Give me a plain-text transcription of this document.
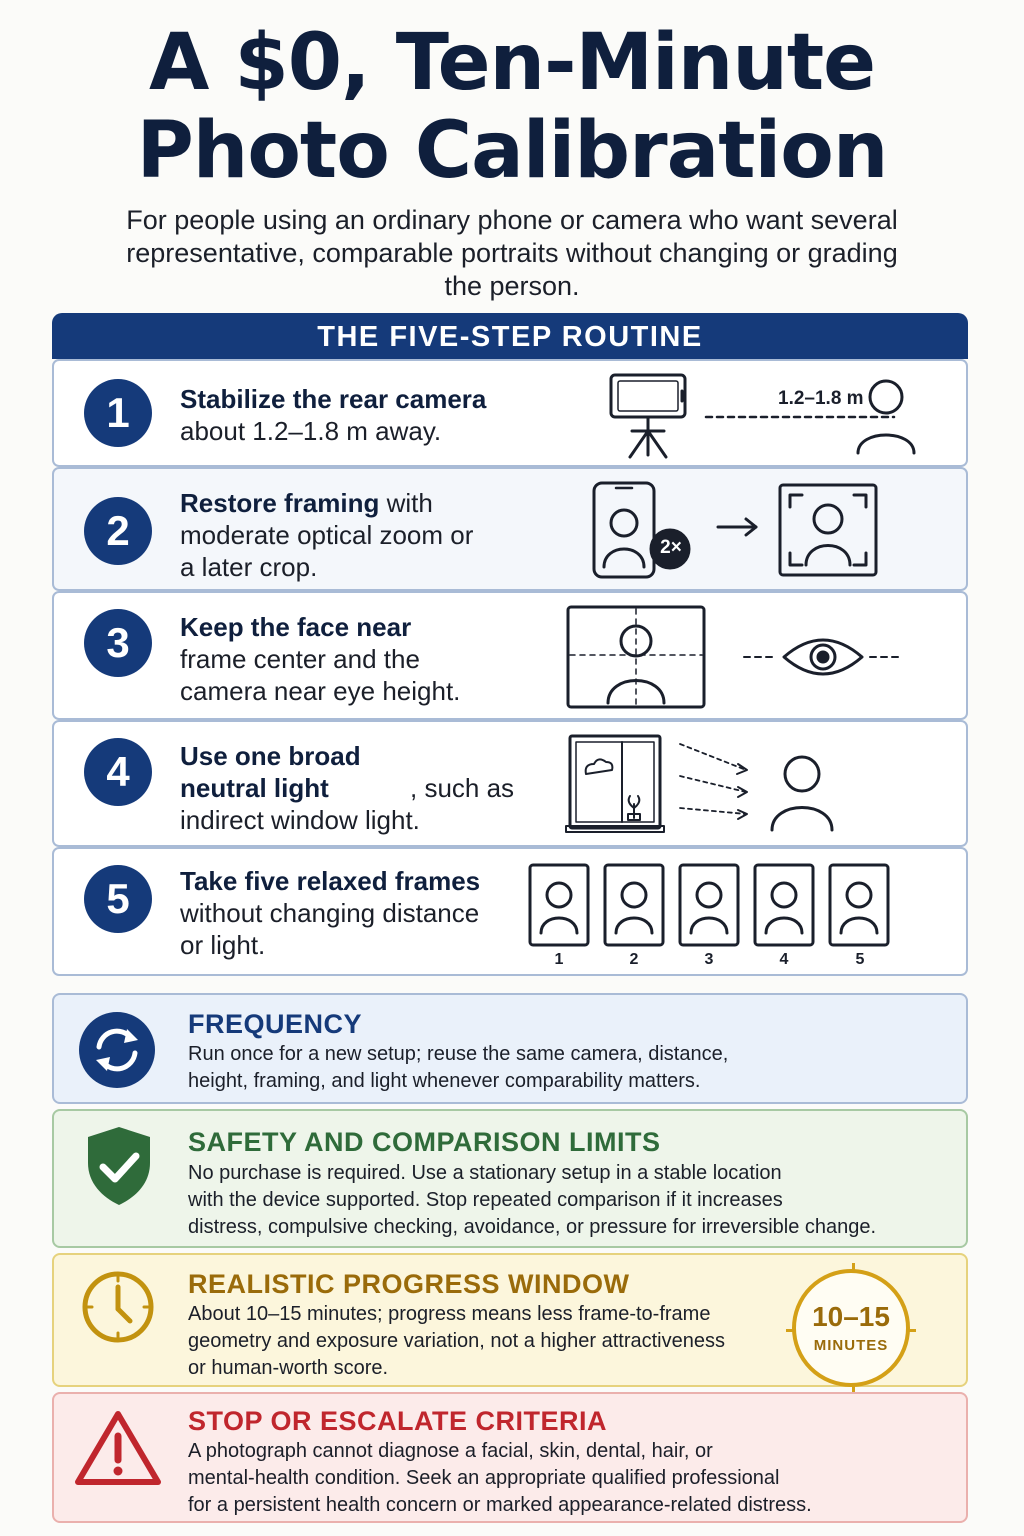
A $0, Ten-Minute
Photo Calibration
For people using an ordinary phone or camera who want several representative, comparable portraits without changing or grading the person.
THE FIVE-STEP ROUTINE
1	Stabilize the rear camera
about 1.2–1.8 m away.
1.2–1.8 m
2
Restore framing with
moderate optical zoom or a later crop.
2×
3	Keep the face near
frame center and the camera near eye height.
4	Use one broad neutral light	, such as
indirect window light.
5	Take five relaxed frames
without changing distance or light.	1	2	3	4	5
FREQUENCY
Run once for a new setup; reuse the same camera, distance,
height, framing, and light whenever comparability matters.
SAFETY AND COMPARISON LIMITS
No purchase is required. Use a stationary setup in a stable location
with the device supported. Stop repeated comparison if it increases
distress, compulsive checking, avoidance, or pressure for irreversible change.
REALISTIC PROGRESS WINDOW
About 10–15 minutes; progress means less frame-to-frame
geometry and exposure variation, not a higher attractiveness
or human-worth score.
10–15
MINUTES
STOP OR ESCALATE CRITERIA
A photograph cannot diagnose a facial, skin, dental, hair, or
mental-health condition. Seek an appropriate qualified professional
for a persistent health concern or marked appearance-related distress.
